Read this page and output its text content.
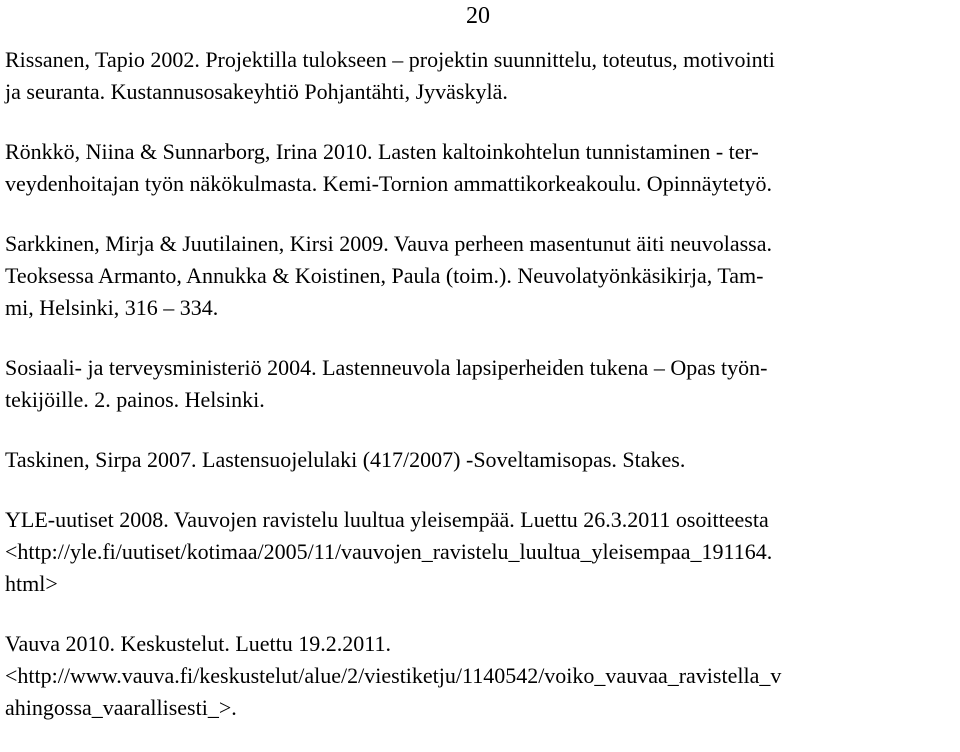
20
Rissanen, Tapio 2002. Projektilla tulokseen – projektin suunnittelu, toteutus, motivointi
ja seuranta. Kustannusosakeyhtiö Pohjantähti, Jyväskylä.
Rönkkö, Niina & Sunnarborg, Irina 2010. Lasten kaltoinkohtelun tunnistaminen - ter-
veydenhoitajan työn näkökulmasta. Kemi-Tornion ammattikorkeakoulu. Opinnäytetyö.
Sarkkinen, Mirja & Juutilainen, Kirsi 2009. Vauva perheen masentunut äiti neuvolassa.
Teoksessa Armanto, Annukka & Koistinen, Paula (toim.). Neuvolatyönkäsikirja, Tam-
mi, Helsinki, 316 – 334.
Sosiaali- ja terveysministeriö 2004. Lastenneuvola lapsiperheiden tukena – Opas työn-
tekijöille. 2. painos. Helsinki.
Taskinen, Sirpa 2007. Lastensuojelulaki (417/2007) -Soveltamisopas. Stakes.
YLE-uutiset 2008. Vauvojen ravistelu luultua yleisempää. Luettu 26.3.2011 osoitteesta
<http://yle.fi/uutiset/kotimaa/2005/11/vauvojen_ravistelu_luultua_yleisempaa_191164.
html>
Vauva 2010. Keskustelut. Luettu 19.2.2011.
<http://www.vauva.fi/keskustelut/alue/2/viestiketju/1140542/voiko_vauvaa_ravistella_v
ahingossa_vaarallisesti_>.
